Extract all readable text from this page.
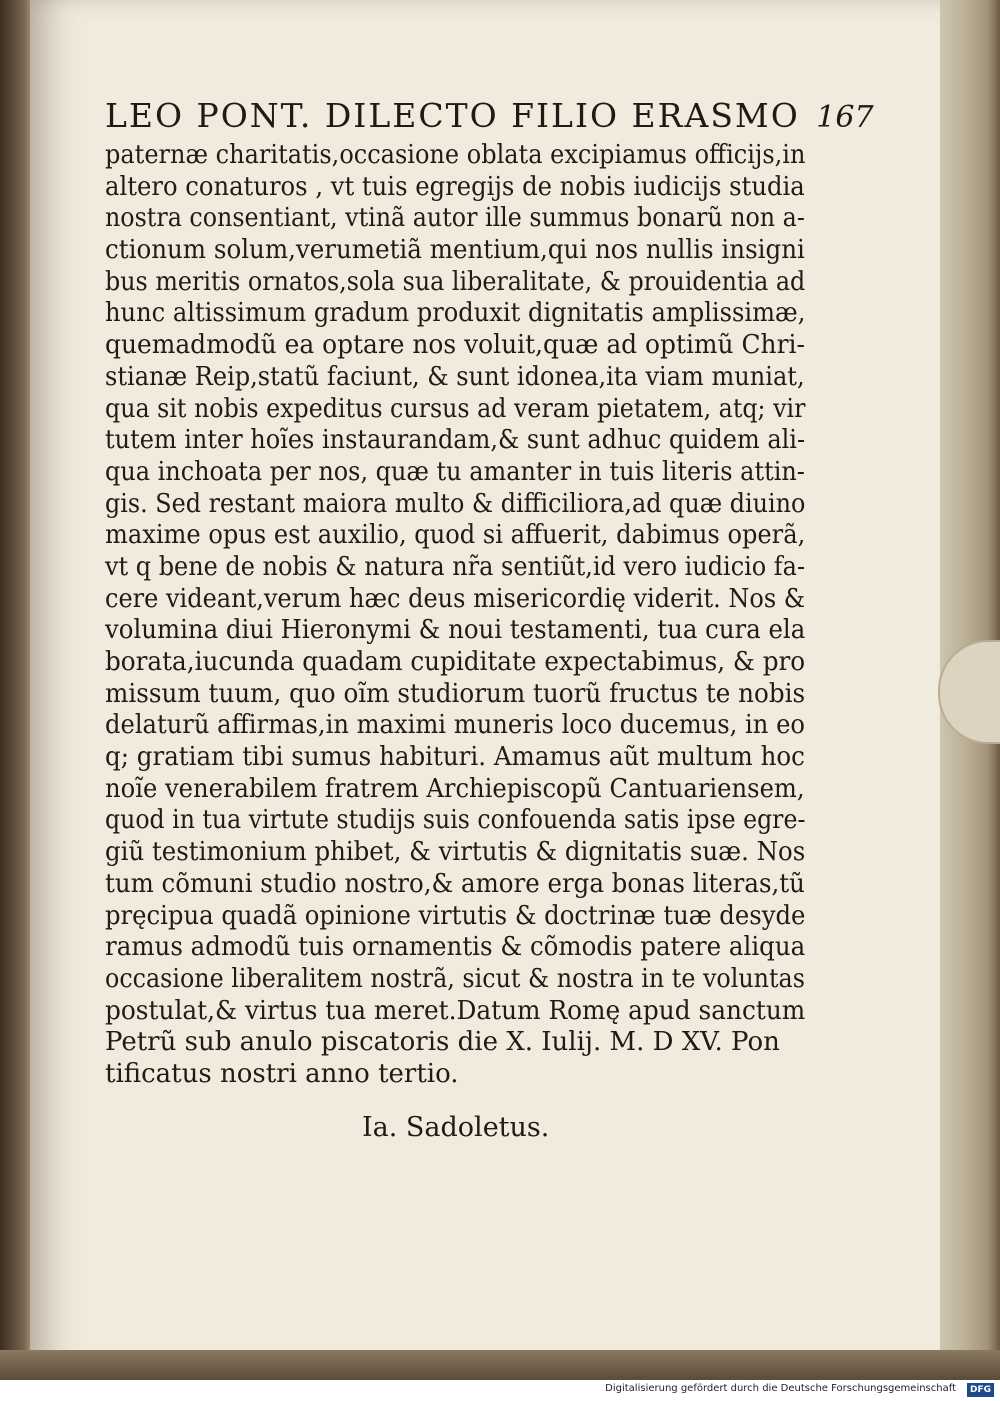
LEO PONT. DILECTO FILIO ERASMO 167
paternæ charitatis,occasione oblata excipiamus officijs,in
altero conaturos , vt tuis egregijs de nobis iudicijs studia
nostra consentiant, vtinã autor ille summus bonarũ non a-
ctionum solum,verumetiã mentium,qui nos nullis insigni
bus meritis ornatos,sola sua liberalitate, & prouidentia ad
hunc altissimum gradum produxit dignitatis amplissimæ,
quemadmodũ ea optare nos voluit,quæ ad optimũ Chri-
stianæ Reip,statũ faciunt, & sunt idonea,ita viam muniat,
qua sit nobis expeditus cursus ad veram pietatem, atq; vir
tutem inter hoĩes instaurandam,& sunt adhuc quidem ali-
qua inchoata per nos, quæ tu amanter in tuis literis attin-
gis. Sed restant maiora multo & difficiliora,ad quæ diuino
maxime opus est auxilio, quod si affuerit, dabimus operã,
vt q bene de nobis & natura nr̃a sentiũt,id vero iudicio fa-
cere videant,verum hæc deus misericordię viderit. Nos &
volumina diui Hieronymi & noui testamenti, tua cura ela
borata,iucunda quadam cupiditate expectabimus, & pro
missum tuum, quo oĩm studiorum tuorũ fructus te nobis
delaturũ affirmas,in maximi muneris loco ducemus, in eo
q; gratiam tibi sumus habituri. Amamus aũt multum hoc
noĩe venerabilem fratrem Archiepiscopũ Cantuariensem,
quod in tua virtute studijs suis confouenda satis ipse egre-
giũ testimonium phibet, & virtutis & dignitatis suæ. Nos
tum cõmuni studio nostro,& amore erga bonas literas,tũ
pręcipua quadã opinione virtutis & doctrinæ tuæ desyde
ramus admodũ tuis ornamentis & cõmodis patere aliqua
occasione liberalitem nostrã, sicut & nostra in te voluntas
postulat,& virtus tua meret.Datum Romę apud sanctum
Petrũ sub anulo piscatoris die X. Iulij. M. D XV. Pon
tificatus nostri anno tertio.
Ia. Sadoletus.
Digitalisierung gefördert durch die Deutsche Forschungsgemeinschaft	DFG
